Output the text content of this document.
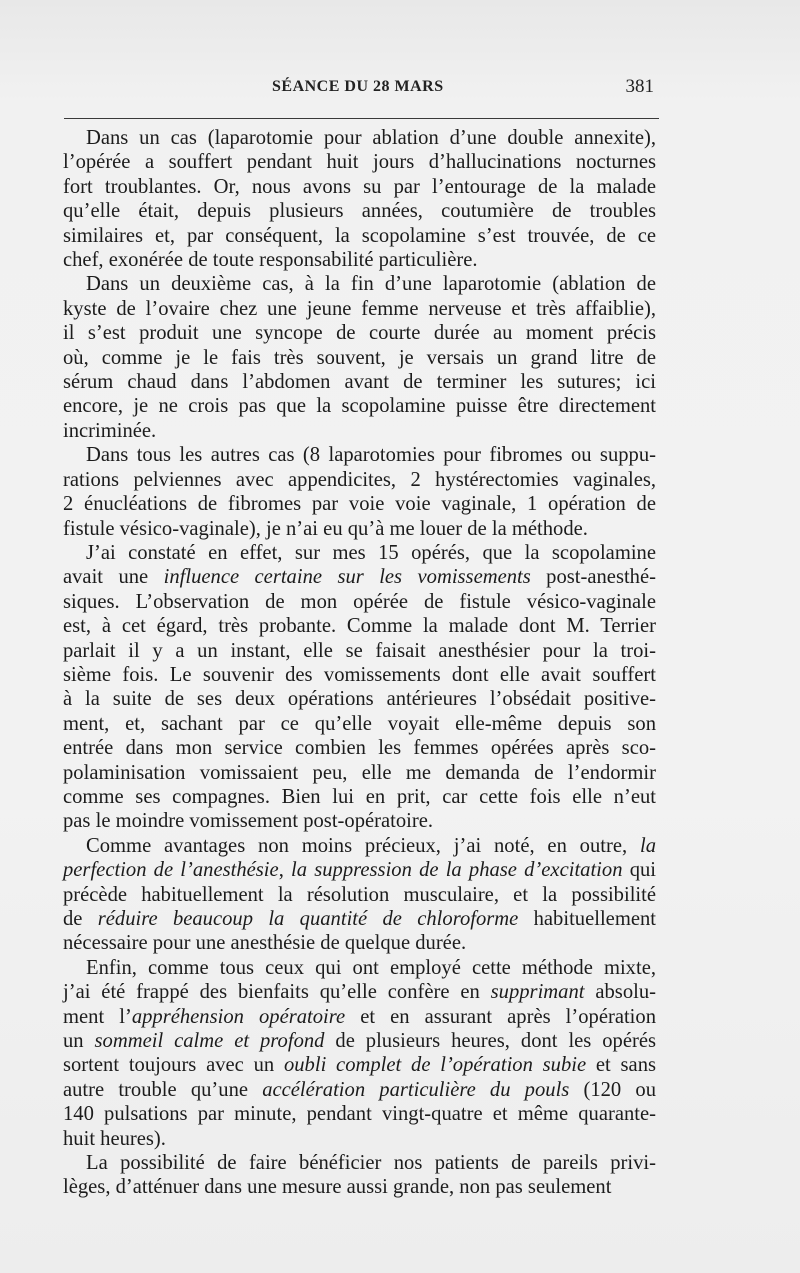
SÉANCE DU 28 MARS	381
Dans un cas (laparotomie pour ablation d’une double annexite),
l’opérée a souffert pendant huit jours d’hallucinations nocturnes
fort troublantes. Or, nous avons su par l’entourage de la malade
qu’elle était, depuis plusieurs années, coutumière de troubles
similaires et, par conséquent, la scopolamine s’est trouvée, de ce
chef, exonérée de toute responsabilité particulière.
Dans un deuxième cas, à la fin d’une laparotomie (ablation de
kyste de l’ovaire chez une jeune femme nerveuse et très affaiblie),
il s’est produit une syncope de courte durée au moment précis
où, comme je le fais très souvent, je versais un grand litre de
sérum chaud dans l’abdomen avant de terminer les sutures; ici
encore, je ne crois pas que la scopolamine puisse être directement
incriminée.
Dans tous les autres cas (8 laparotomies pour fibromes ou suppu-
rations pelviennes avec appendicites, 2 hystérectomies vaginales,
2 énucléations de fibromes par voie voie vaginale, 1 opération de
fistule vésico-vaginale), je n’ai eu qu’à me louer de la méthode.
J’ai constaté en effet, sur mes 15 opérés, que la scopolamine
avait une influence certaine sur les vomissements post-anesthé-
siques. L’observation de mon opérée de fistule vésico-vaginale
est, à cet égard, très probante. Comme la malade dont M. Terrier
parlait il y a un instant, elle se faisait anesthésier pour la troi-
sième fois. Le souvenir des vomissements dont elle avait souffert
à la suite de ses deux opérations antérieures l’obsédait positive-
ment, et, sachant par ce qu’elle voyait elle-même depuis son
entrée dans mon service combien les femmes opérées après sco-
polaminisation vomissaient peu, elle me demanda de l’endormir
comme ses compagnes. Bien lui en prit, car cette fois elle n’eut
pas le moindre vomissement post-opératoire.
Comme avantages non moins précieux, j’ai noté, en outre, la
perfection de l’anesthésie, la suppression de la phase d’excitation qui
précède habituellement la résolution musculaire, et la possibilité
de réduire beaucoup la quantité de chloroforme habituellement
nécessaire pour une anesthésie de quelque durée.
Enfin, comme tous ceux qui ont employé cette méthode mixte,
j’ai été frappé des bienfaits qu’elle confère en supprimant absolu-
ment l’appréhension opératoire et en assurant après l’opération
un sommeil calme et profond de plusieurs heures, dont les opérés
sortent toujours avec un oubli complet de l’opération subie et sans
autre trouble qu’une accélération particulière du pouls (120 ou
140 pulsations par minute, pendant vingt-quatre et même quarante-
huit heures).
La possibilité de faire bénéficier nos patients de pareils privi-
lèges, d’atténuer dans une mesure aussi grande, non pas seulement
